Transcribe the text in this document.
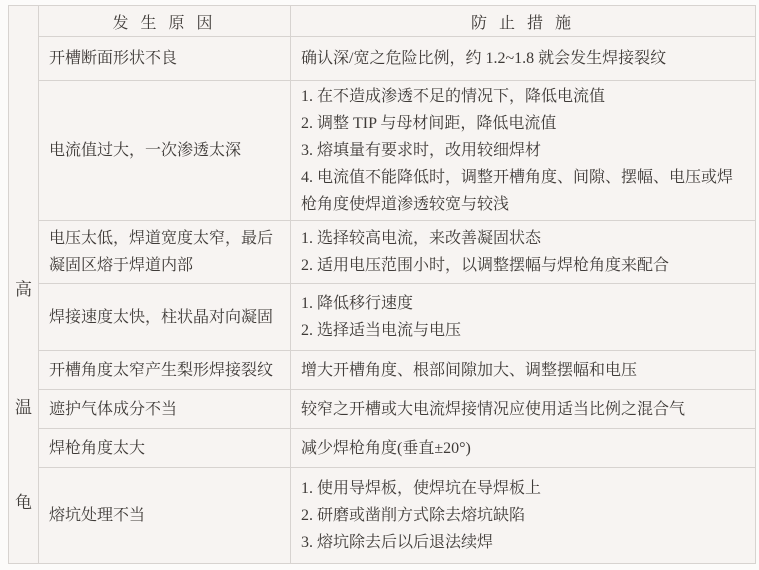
高
温
龟	发 生 原 因	防 止 措 施
	开槽断面形状不良	确认深/宽之危险比例，约 1.2~1.8 就会发生焊接裂纹

	电流值过大，一次渗透太深	1. 在不造成渗透不足的情况下，降低电流值
2. 调整 TIP 与母材间距，降低电流值
3. 熔填量有要求时，改用较细焊材
4. 电流值不能降低时，调整开槽角度、间隙、摆幅、电压或焊枪角度使焊道渗透较宽与较浅

	电压太低，焊道宽度太窄，最后凝固区熔于焊道内部	1. 选择较高电流，来改善凝固状态
2. 适用电压范围小时，以调整摆幅与焊枪角度来配合

	焊接速度太快，柱状晶对向凝固	1. 降低移行速度
2. 选择适当电流与电压

	开槽角度太窄产生梨形焊接裂纹	增大开槽角度、根部间隙加大、调整摆幅和电压

	遮护气体成分不当	较窄之开槽或大电流焊接情况应使用适当比例之混合气

	焊枪角度太大	减少焊枪角度(垂直±20°)

	熔坑处理不当	1. 使用导焊板，使焊坑在导焊板上
2. 研磨或凿削方式除去熔坑缺陷
3. 熔坑除去后以后退法续焊
